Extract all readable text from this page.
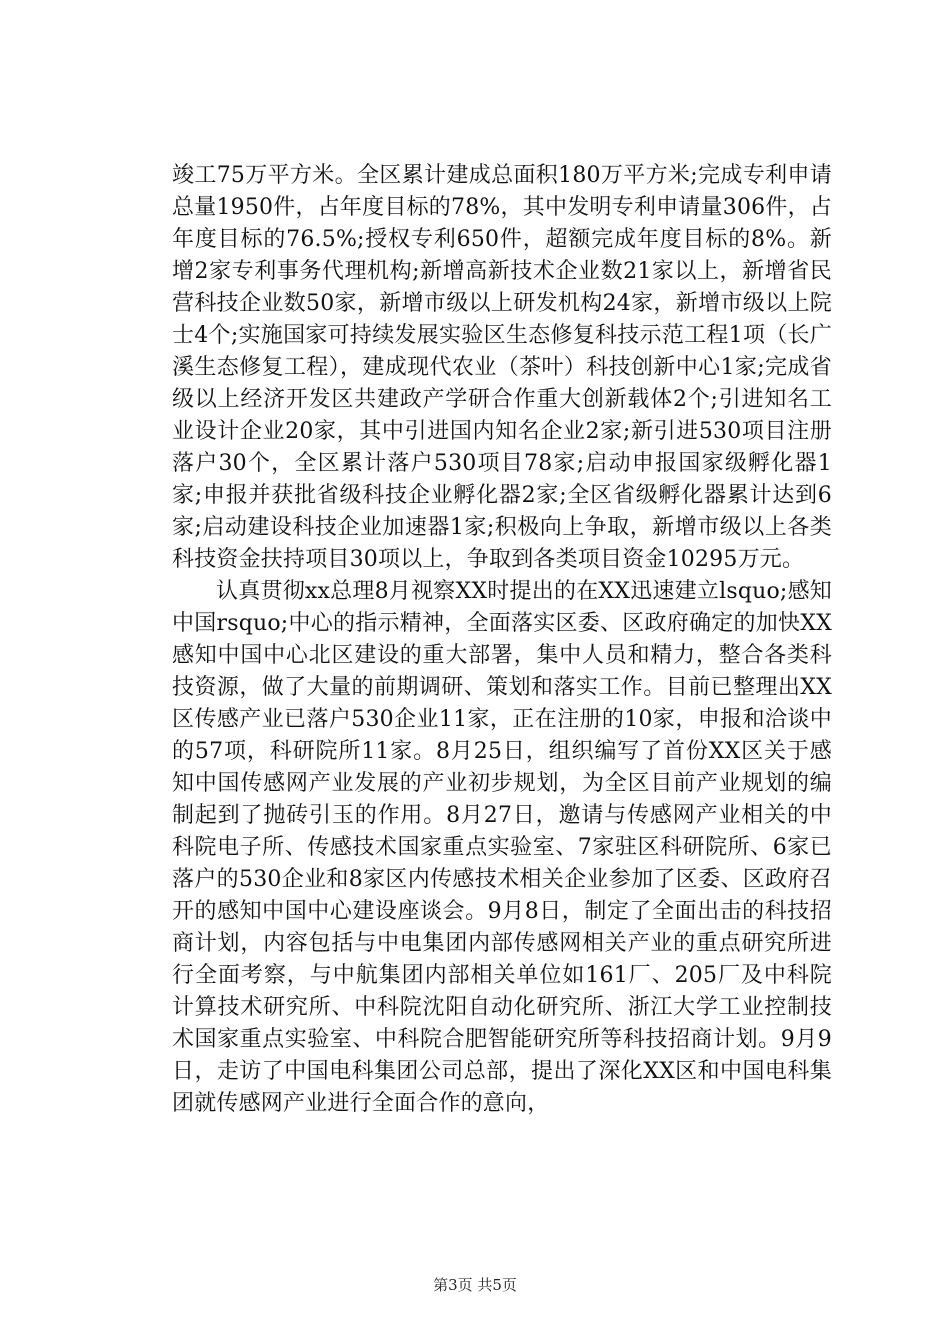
竣工75万平方米。全区累计建成总面积180万平方米;完成专利申请总量1950件，占年度目标的78%，其中发明专利申请量306件，占年度目标的76.5%;授权专利650件，超额完成年度目标的8%。新增2家专利事务代理机构;新增高新技术企业数21家以上，新增省民营科技企业数50家，新增市级以上研发机构24家，新增市级以上院士4个;实施国家可持续发展实验区生态修复科技示范工程1项（长广溪生态修复工程），建成现代农业（茶叶）科技创新中心1家;完成省级以上经济开发区共建政产学研合作重大创新载体2个;引进知名工业设计企业20家，其中引进国内知名企业2家;新引进530项目注册落户30个，全区累计落户530项目78家;启动申报国家级孵化器1家;申报并获批省级科技企业孵化器2家;全区省级孵化器累计达到6家;启动建设科技企业加速器1家;积极向上争取，新增市级以上各类科技资金扶持项目30项以上，争取到各类项目资金10295万元。

认真贯彻xx总理8月视察XX时提出的在XX迅速建立lsquo;感知中国rsquo;中心的指示精神，全面落实区委、区政府确定的加快XX感知中国中心北区建设的重大部署，集中人员和精力，整合各类科技资源，做了大量的前期调研、策划和落实工作。目前已整理出XX区传感产业已落户530企业11家，正在注册的10家，申报和洽谈中的57项，科研院所11家。8月25日，组织编写了首份XX区关于感知中国传感网产业发展的产业初步规划，为全区目前产业规划的编制起到了抛砖引玉的作用。8月27日，邀请与传感网产业相关的中科院电子所、传感技术国家重点实验室、7家驻区科研院所、6家已落户的530企业和8家区内传感技术相关企业参加了区委、区政府召开的感知中国中心建设座谈会。9月8日，制定了全面出击的科技招商计划，内容包括与中电集团内部传感网相关产业的重点研究所进行全面考察，与中航集团内部相关单位如161厂、205厂及中科院计算技术研究所、中科院沈阳自动化研究所、浙江大学工业控制技术国家重点实验室、中科院合肥智能研究所等科技招商计划。9月9日，走访了中国电科集团公司总部，提出了深化XX区和中国电科集团就传感网产业进行全面合作的意向，

第3页 共5页
